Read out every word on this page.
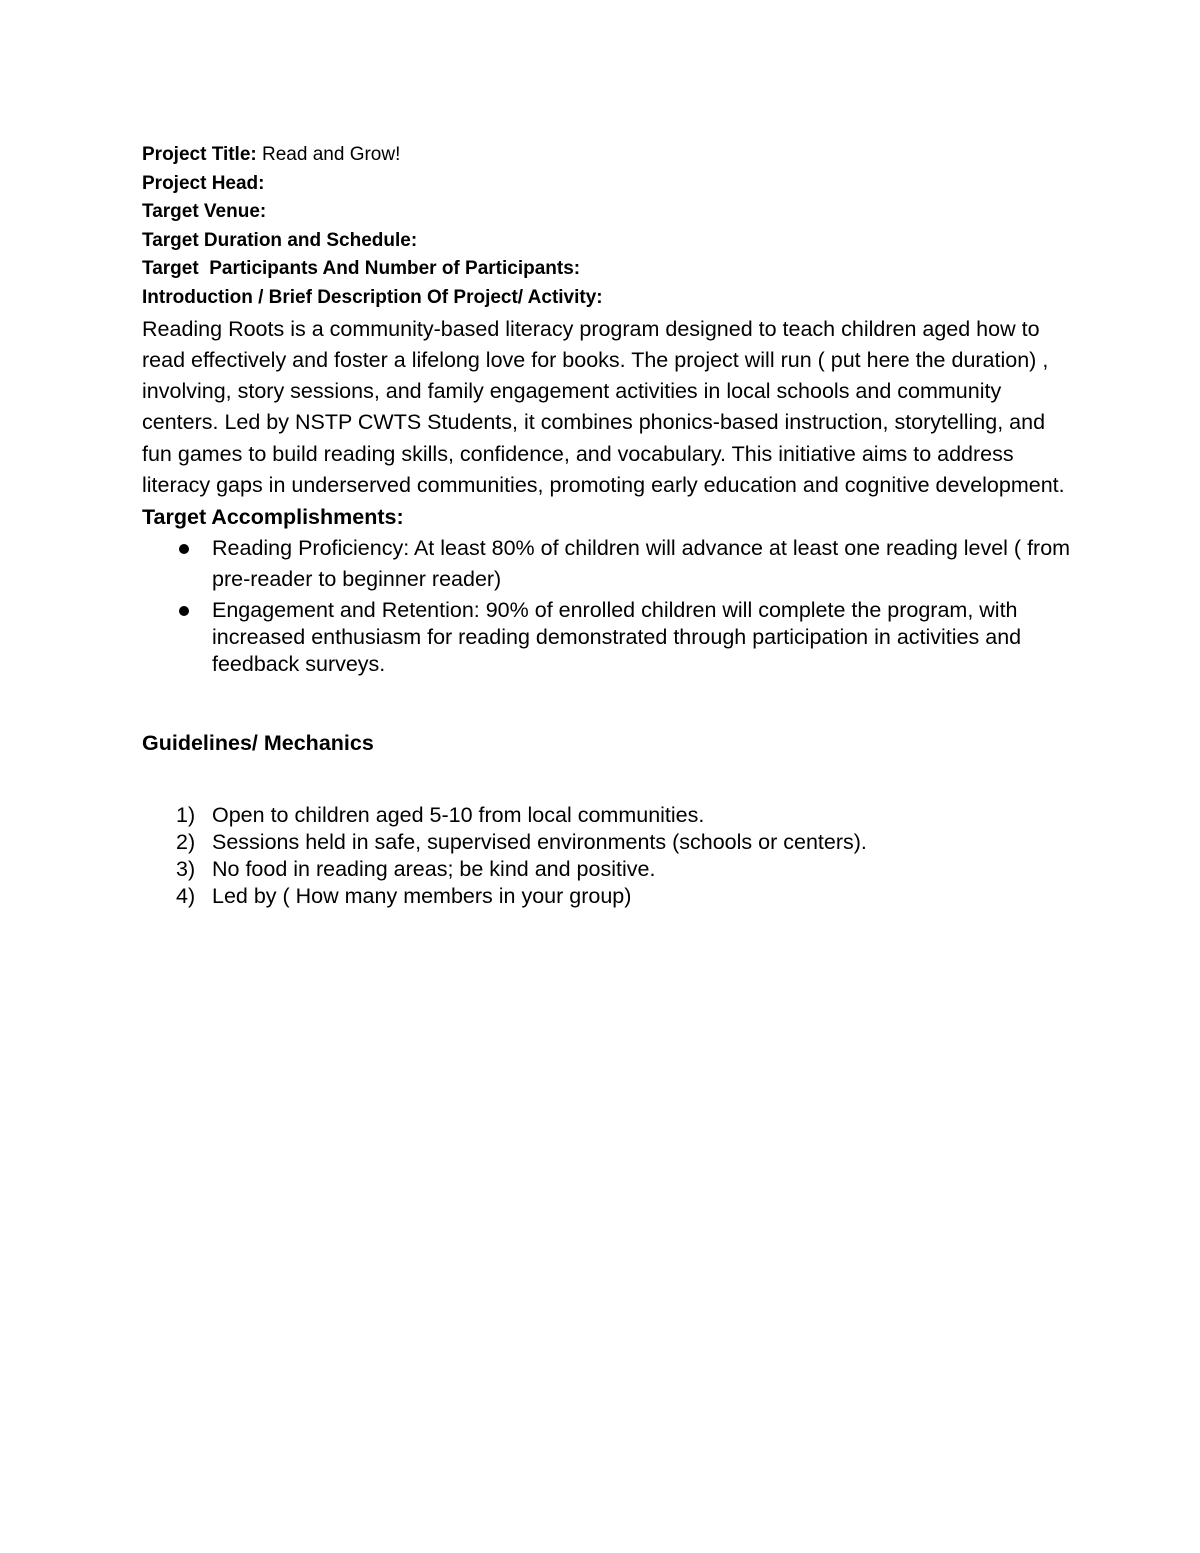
Project Title: Read and Grow!
Project Head:
Target Venue:
Target Duration and Schedule:
Target  Participants And Number of Participants:
Introduction / Brief Description Of Project/ Activity:
Reading Roots is a community-based literacy program designed to teach children aged how to read effectively and foster a lifelong love for books. The project will run ( put here the duration) , involving, story sessions, and family engagement activities in local schools and community centers. Led by NSTP CWTS Students, it combines phonics-based instruction, storytelling, and fun games to build reading skills, confidence, and vocabulary. This initiative aims to address literacy gaps in underserved communities, promoting early education and cognitive development.
Target Accomplishments:
Reading Proficiency: At least 80% of children will advance at least one reading level ( from pre-reader to beginner reader)
Engagement and Retention: 90% of enrolled children will complete the program, with increased enthusiasm for reading demonstrated through participation in activities and feedback surveys.
Guidelines/ Mechanics
1) Open to children aged 5-10 from local communities.
2) Sessions held in safe, supervised environments (schools or centers).
3) No food in reading areas; be kind and positive.
4) Led by ( How many members in your group)
